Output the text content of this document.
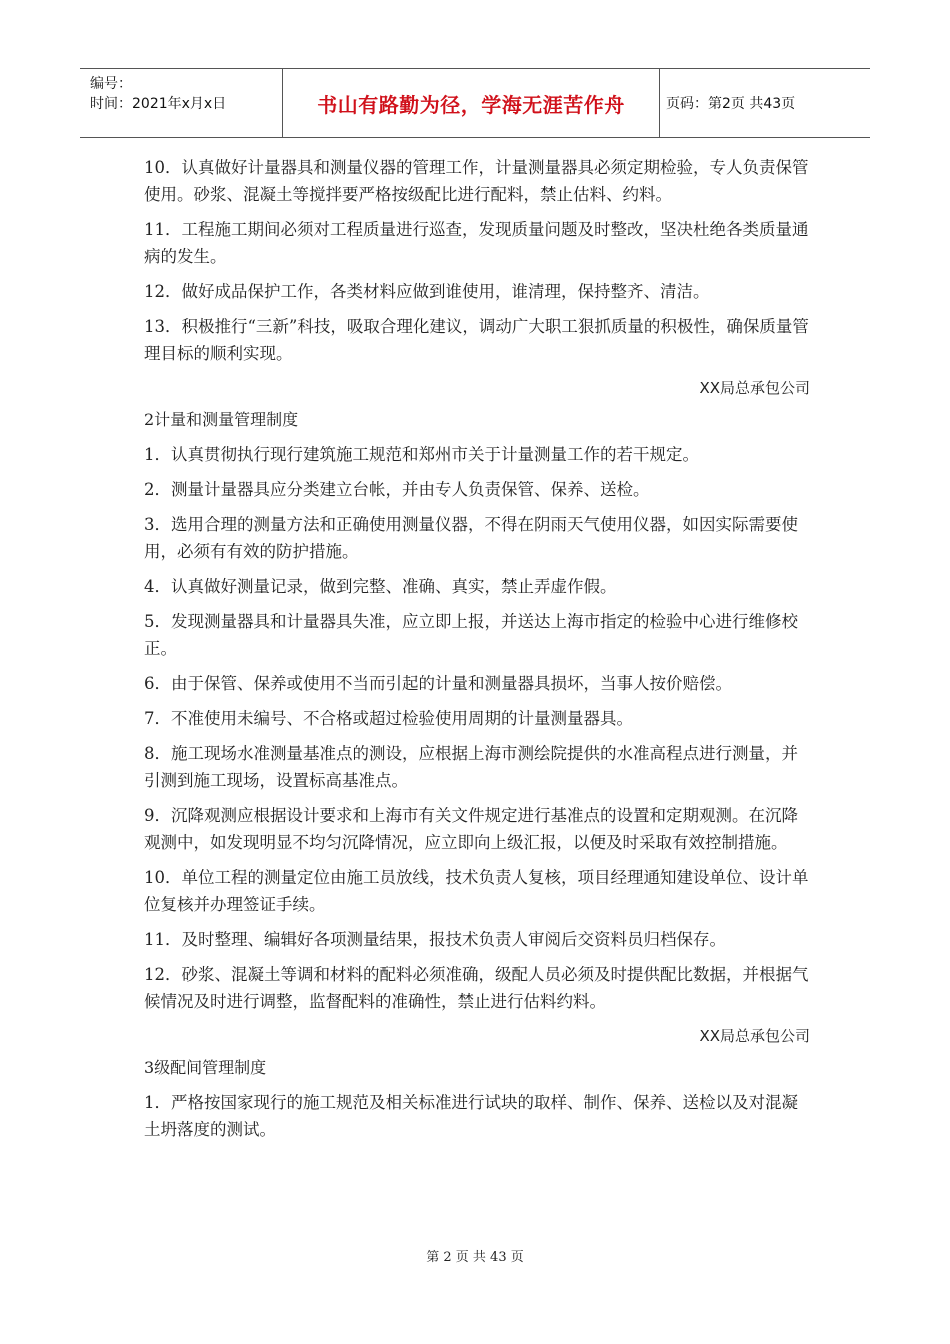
编号：
时间：2021年x月x日	书山有路勤为径，学海无涯苦作舟	页码：第2页 共43页
10．认真做好计量器具和测量仪器的管理工作，计量测量器具必须定期检验，专人负责保管使用。砂浆、混凝土等搅拌要严格按级配比进行配料，禁止估料、约料。
11．工程施工期间必须对工程质量进行巡查，发现质量问题及时整改，坚决杜绝各类质量通病的发生。
12．做好成品保护工作，各类材料应做到谁使用，谁清理，保持整齐、清洁。
13．积极推行“三新”科技，吸取合理化建议，调动广大职工狠抓质量的积极性，确保质量管理目标的顺利实现。
XX局总承包公司
2计量和测量管理制度
1．认真贯彻执行现行建筑施工规范和郑州市关于计量测量工作的若干规定。
2．测量计量器具应分类建立台帐，并由专人负责保管、保养、送检。
3．选用合理的测量方法和正确使用测量仪器，不得在阴雨天气使用仪器，如因实际需要使用，必须有有效的防护措施。
4．认真做好测量记录，做到完整、准确、真实，禁止弄虚作假。
5．发现测量器具和计量器具失准，应立即上报，并送达上海市指定的检验中心进行维修校正。
6．由于保管、保养或使用不当而引起的计量和测量器具损坏，当事人按价赔偿。
7．不准使用未编号、不合格或超过检验使用周期的计量测量器具。
8．施工现场水准测量基准点的测设，应根据上海市测绘院提供的水准高程点进行测量，并引测到施工现场，设置标高基准点。
9．沉降观测应根据设计要求和上海市有关文件规定进行基准点的设置和定期观测。在沉降观测中，如发现明显不均匀沉降情况，应立即向上级汇报，以便及时采取有效控制措施。
10．单位工程的测量定位由施工员放线，技术负责人复核，项目经理通知建设单位、设计单位复核并办理签证手续。
11．及时整理、编辑好各项测量结果，报技术负责人审阅后交资料员归档保存。
12．砂浆、混凝土等调和材料的配料必须准确，级配人员必须及时提供配比数据，并根据气候情况及时进行调整，监督配料的准确性，禁止进行估料约料。
XX局总承包公司
3级配间管理制度
1．严格按国家现行的施工规范及相关标准进行试块的取样、制作、保养、送检以及对混凝土坍落度的测试。
第 2 页 共 43 页
